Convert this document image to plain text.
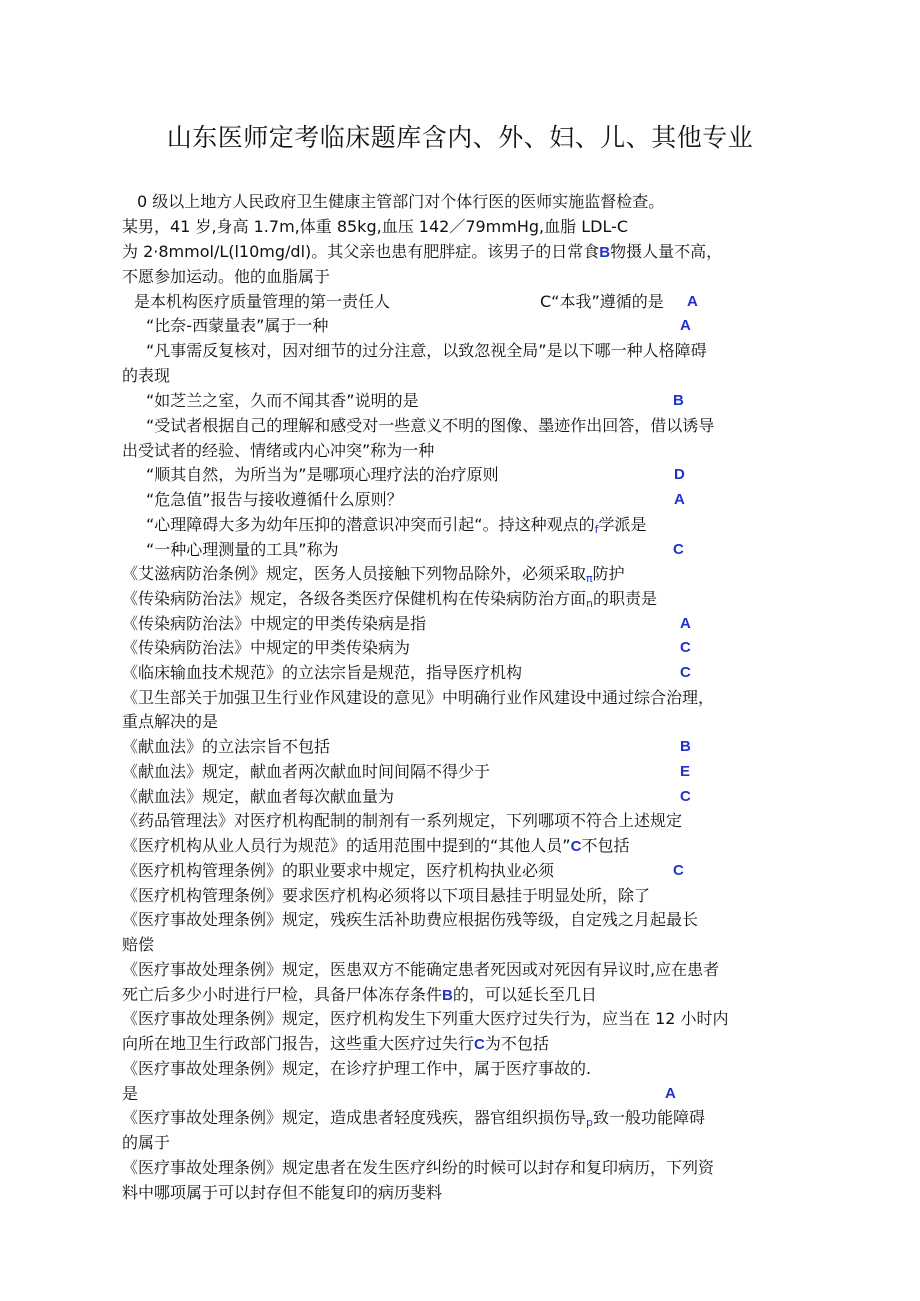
山东医师定考临床题库含内、外、妇、儿、其他专业
0 级以上地方人民政府卫生健康主管部门对个体行医的医师实施监督检查。
某男，41 岁,身高 1.7m,体重 85kg,血压 142／79mmHg,血脂 LDL-C
为 2·8mmol/L(l10mg/dl)。其父亲也患有肥胖症。该男子的日常食B物摄人量不高，
不愿参加运动。他的血脂属于
是本机构医疗质量管理的第一责任人	C“本我”遵循的是 A
“比奈-西蒙量表”属于一种	A
“凡事需反复核对，因对细节的过分注意，以致忽视全局”是以下哪一种人格障碍
的表现
“如芝兰之室，久而不闻其香”说明的是	B
“受试者根据自己的理解和感受对一些意义不明的图像、墨迹作出回答，借以诱导
出受试者的经验、情绪或内心冲突”称为一种
“顺其自然，为所当为”是哪项心理疗法的治疗原则	D
“危急值”报告与接收遵循什么原则？	A
“心理障碍大多为幼年压抑的潜意识冲突而引起“。持这种观点的f学派是
“一种心理测量的工具”称为	C
《艾滋病防治条例》规定，医务人员接触下列物品除外，必须采取π防护
《传染病防治法》规定，各级各类医疗保健机构在传染病防治方面n的职责是
《传染病防治法》中规定的甲类传染病是指	A
《传染病防治法》中规定的甲类传染病为	C
《临床输血技术规范》的立法宗旨是规范，指导医疗机构	C
《卫生部关于加强卫生行业作风建设的意见》中明确行业作风建设中通过综合治理，
重点解决的是
《献血法》的立法宗旨不包括	B
《献血法》规定，献血者两次献血时间间隔不得少于	E
《献血法》规定，献血者每次献血量为	C
《药品管理法》对医疗机构配制的制剂有一系列规定，下列哪项不符合上述规定
《医疗机构从业人员行为规范》的适用范围中提到的“其他人员”C不包括
《医疗机构管理条例》的职业要求中规定，医疗机构执业必须	C
《医疗机构管理条例》要求医疗机构必须将以下项目悬挂于明显处所，除了
《医疗事故处理条例》规定，残疾生活补助费应根据伤残等级，自定残之月起最长
赔偿
《医疗事故处理条例》规定，医患双方不能确定患者死因或对死因有异议时,应在患者
死亡后多少小时进行尸检，具备尸体冻存条件B的，可以延长至几日
《医疗事故处理条例》规定，医疗机构发生下列重大医疗过失行为，应当在 12 小时内
向所在地卫生行政部门报告，这些重大医疗过失行C为不包括
《医疗事故处理条例》规定，在诊疗护理工作中，属于医疗事故的.
是	A
《医疗事故处理条例》规定，造成患者轻度残疾，器官组织损伤导p致一般功能障碍
的属于
《医疗事故处理条例》规定患者在发生医疗纠纷的时候可以封存和复印病历，下列资
料中哪项属于可以封存但不能复印的病历斐料
